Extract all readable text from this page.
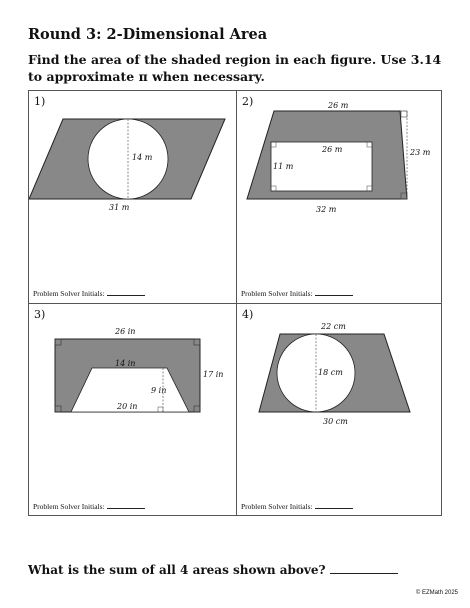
Round 3: 2-Dimensional Area
Find the area of the shaded region in each figure. Use 3.14 to approximate π when necessary.
14 m
31 m
1)
Problem Solver Initials:
26 m
26 m
11 m
23 m
32 m
2)
Problem Solver Initials:
26 in
14 in
9 in
20 in
17 in
3)
Problem Solver Initials:
22 cm
18 cm
30 cm
4)
Problem Solver Initials:
What is the sum of all 4 areas shown above?
© EZMath 2025
